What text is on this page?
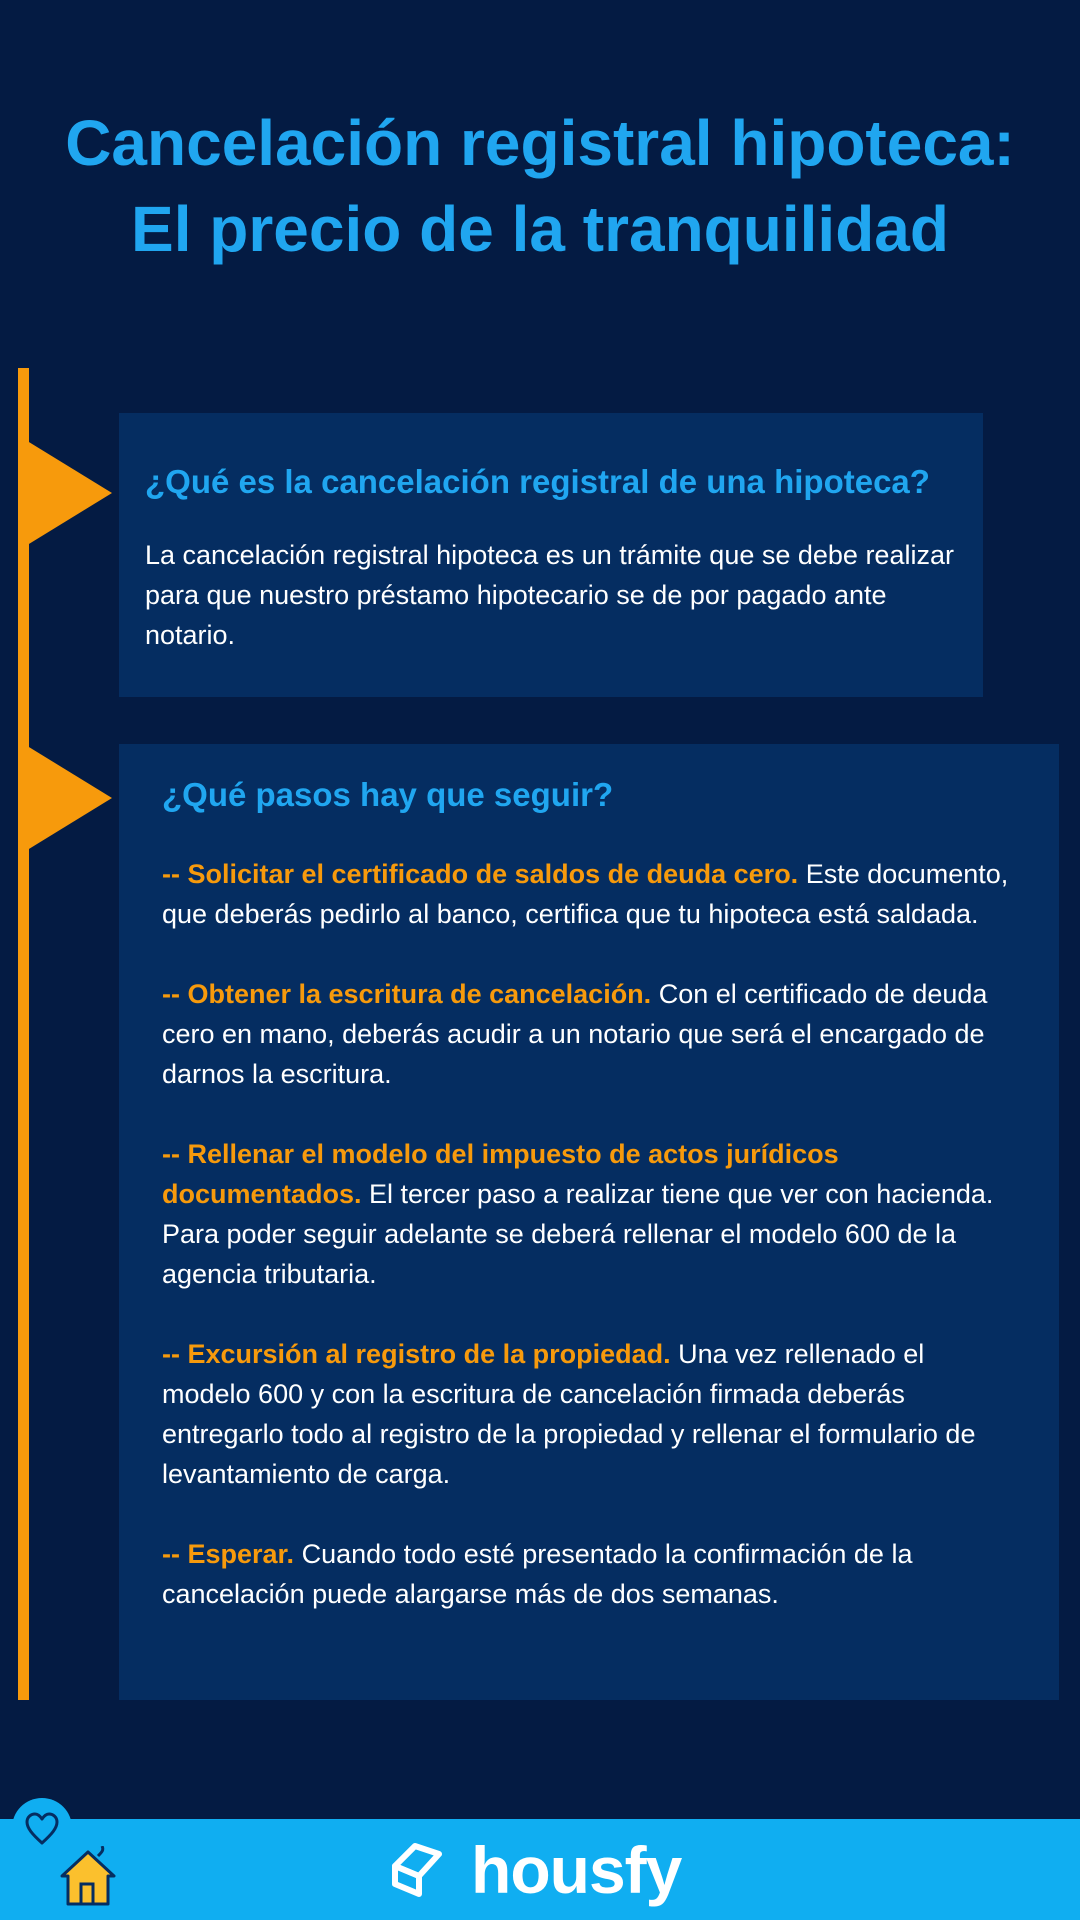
Cancelación registral hipoteca:
El precio de la tranquilidad
¿Qué es la cancelación registral de una hipoteca?

La cancelación registral hipoteca es un trámite que se debe realizar para que nuestro préstamo hipotecario se de por pagado ante notario.

¿Qué pasos hay que seguir?

-- Solicitar el certificado de saldos de deuda cero. Este documento, que deberás pedirlo al banco, certifica que tu hipoteca está saldada.

-- Obtener la escritura de cancelación. Con el certificado de deuda cero en mano, deberás acudir a un notario que será el encargado de darnos la escritura.

-- Rellenar el modelo del impuesto de actos jurídicos documentados. El tercer paso a realizar tiene que ver con hacienda. Para poder seguir adelante se deberá rellenar el modelo 600 de la agencia tributaria.

-- Excursión al registro de la propiedad. Una vez rellenado el modelo 600 y con la escritura de cancelación firmada deberás entregarlo todo al registro de la propiedad y rellenar el formulario de levantamiento de carga.

-- Esperar. Cuando todo esté presentado la confirmación de la cancelación puede alargarse más de dos semanas.

housfy
